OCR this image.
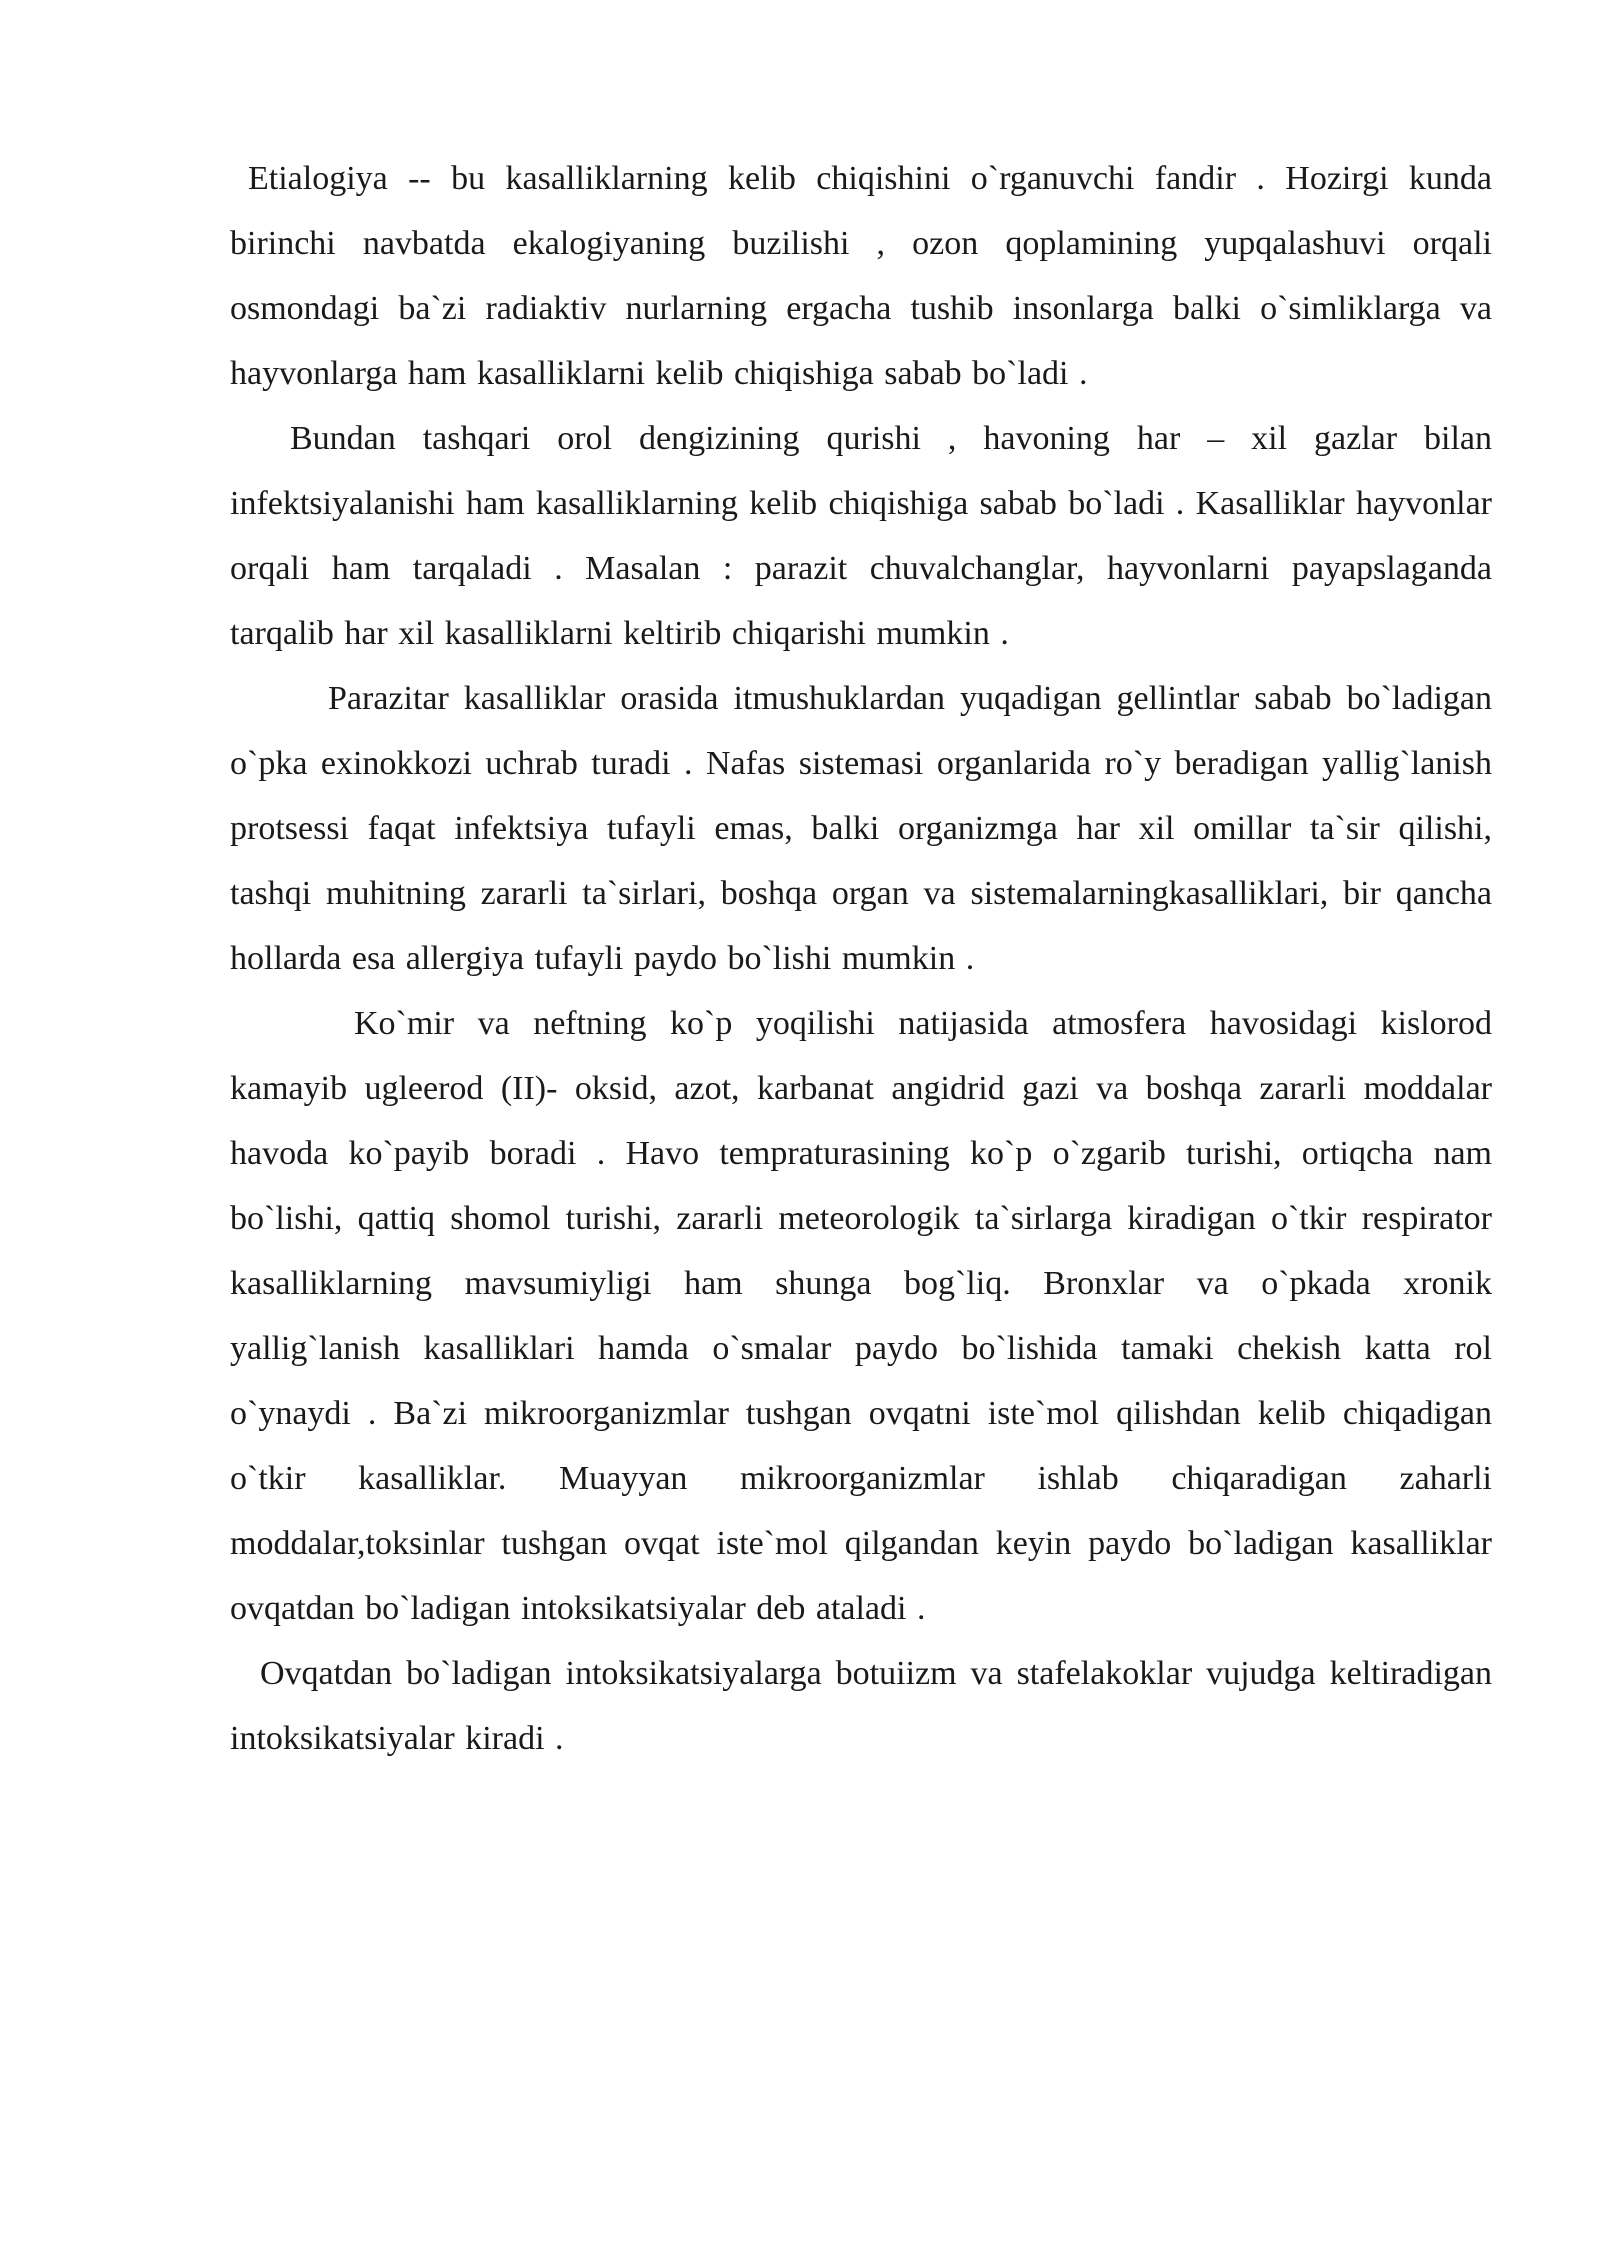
Etialogiya -- bu kasalliklarning kelib chiqishini o`rganuvchi fandir . Hozirgi kunda birinchi navbatda ekalogiyaning buzilishi , ozon qoplamining yupqalashuvi orqali osmondagi ba`zi radiaktiv nurlarning ergacha tushib insonlarga balki o`simliklarga va hayvonlarga ham kasalliklarni kelib chiqishiga sabab bo`ladi .

Bundan tashqari orol dengizining qurishi , havoning har – xil gazlar bilan infektsiyalanishi ham kasalliklarning kelib chiqishiga sabab bo`ladi . Kasalliklar hayvonlar orqali ham tarqaladi . Masalan : parazit chuvalchanglar, hayvonlarni payapslaganda tarqalib har xil kasalliklarni keltirib chiqarishi mumkin .

Parazitar kasalliklar orasida itmushuklardan yuqadigan gellintlar sabab bo`ladigan o`pka exinokkozi uchrab turadi . Nafas sistemasi organlarida ro`y beradigan yallig`lanish protsessi faqat infektsiya tufayli emas, balki organizmga har xil omillar ta`sir qilishi, tashqi muhitning zararli ta`sirlari, boshqa organ va sistemalarningkasalliklari, bir qancha hollarda esa allergiya tufayli paydo bo`lishi mumkin .

Ko`mir va neftning ko`p yoqilishi natijasida atmosfera havosidagi kislorod kamayib ugleerod (II)- oksid, azot, karbanat angidrid gazi va boshqa zararli moddalar havoda ko`payib boradi . Havo tempraturasining ko`p o`zgarib turishi, ortiqcha nam bo`lishi, qattiq shomol turishi, zararli meteorologik ta`sirlarga kiradigan o`tkir respirator kasalliklarning mavsumiyligi ham shunga bog`liq. Bronxlar va o`pkada xronik yallig`lanish kasalliklari hamda o`smalar paydo bo`lishida tamaki chekish katta rol o`ynaydi . Ba`zi mikroorganizmlar tushgan ovqatni iste`mol qilishdan kelib chiqadigan o`tkir kasalliklar. Muayyan mikroorganizmlar ishlab chiqaradigan zaharli moddalar,toksinlar tushgan ovqat iste`mol qilgandan keyin paydo bo`ladigan kasalliklar ovqatdan bo`ladigan intoksikatsiyalar deb ataladi .

Ovqatdan bo`ladigan intoksikatsiyalarga botuiizm va stafelakoklar vujudga keltiradigan intoksikatsiyalar kiradi .
